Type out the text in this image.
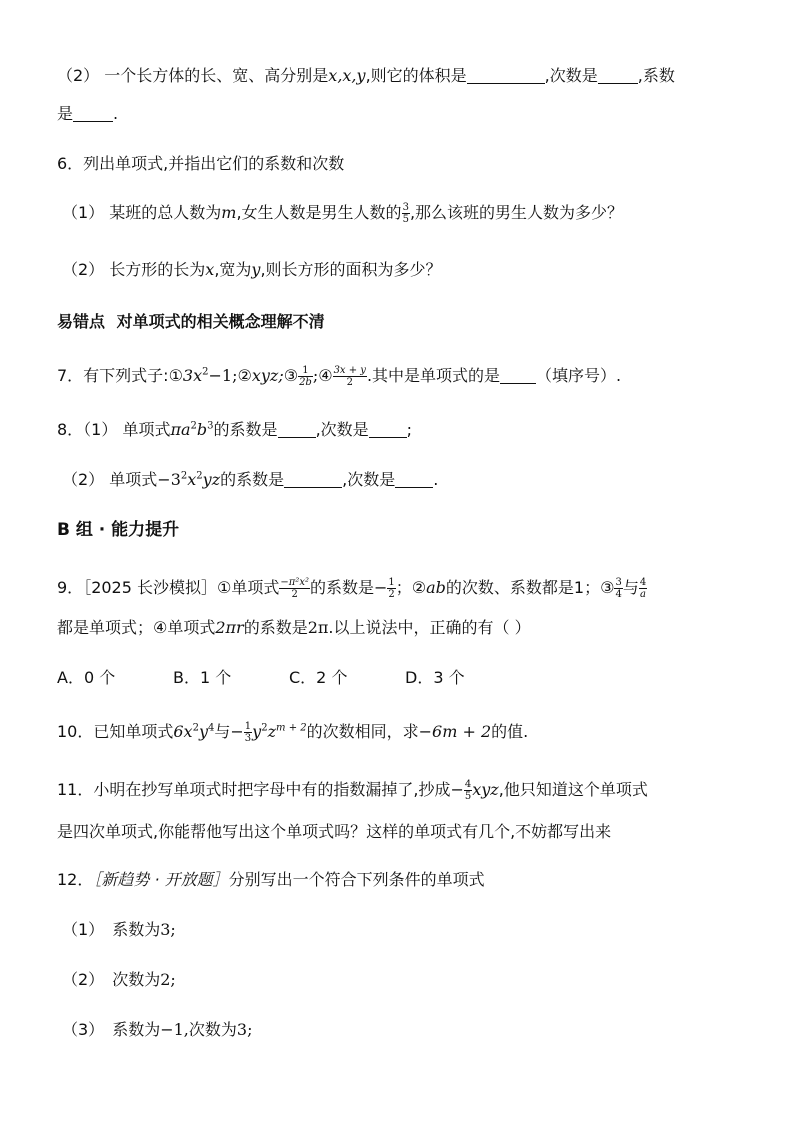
（2） 一个长方体的长、宽、高分别是x,x,y,则它的体积是	,次数是	,系数
是	.
6．列出单项式,并指出它们的系数和次数
（1） 某班的总人数为m,女生人数是男生人数的 $\frac{3}{5}$ ,那么该班的男生人数为多少？
（2） 长方形的长为x,宽为y,则长方形的面积为多少？
易错点 对单项式的相关概念理解不清
7．有下列式子$:①3x^2-1;②xyz;③ \frac{1}{2b}$ ;④ $\frac{3x + y}{2}$ .其中是单项式的是 （填序号）.
8．（1） 单项式$\pi a^2b^3$的系数是 ,次数是 ;
（2） 单项式$-3^2x^2yz$的系数是	,次数是 .
B 组 · 能力提升
9．［2025 长沙模拟］①单项式 $\frac{\text{−π²x²}}{2}$ 的系数是− $\frac{1}{2}$ ；②ab的次数、系数都是1；③ $\frac{3}{4}$ 与 $\frac{4}{a}$
都是单项式；④单项式2πr的系数是2π.以上说法中，正确的有（ ）
A．0 个	B．1 个	C．2 个	D．3 个
10．已知单项式$6x^2y^4$与− $\frac{1}{3} y^2z^{m + 2}$的次数相同，求−6m + 2的值.
11．小明在抄写单项式时把字母中有的指数漏掉了,抄成− $\frac{4}{5}$ xyz,他只知道这个单项式
是四次单项式,你能帮他写出这个单项式吗？这样的单项式有几个,不妨都写出来
12．［新趋势 · 开放题］分别写出一个符合下列条件的单项式
（1） 系数为3;
（2） 次数为2;
（3） 系数为−1,次数为3;
